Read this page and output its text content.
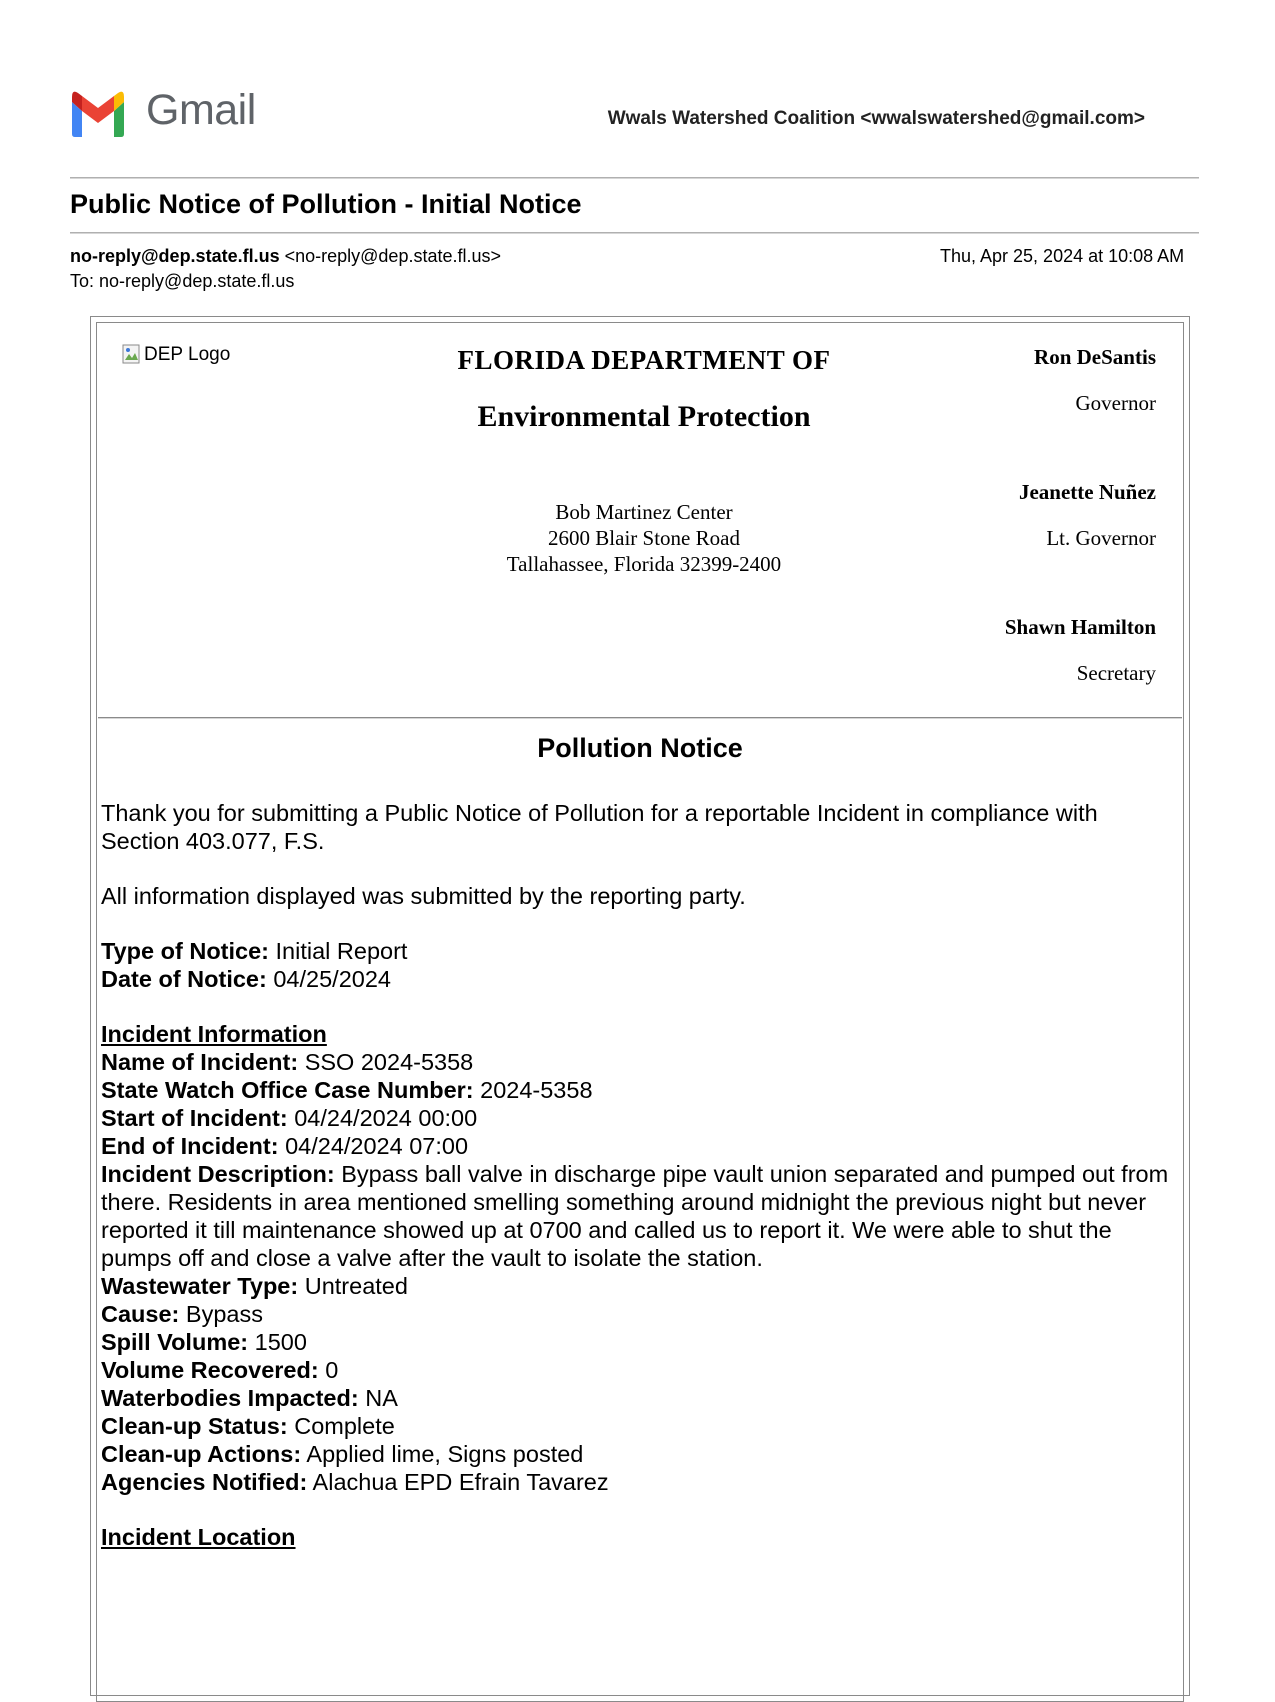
Gmail	Wwals Watershed Coalition <wwalswatershed@gmail.com>
Public Notice of Pollution - Initial Notice
no-reply@dep.state.fl.us <no-reply@dep.state.fl.us>
To: no-reply@dep.state.fl.us
Thu, Apr 25, 2024 at 10:08 AM
DEP Logo	FLORIDA DEPARTMENT OF
Environmental Protection
Bob Martinez Center
2600 Blair Stone Road
Tallahassee, Florida 32399-2400
Ron DeSantis
Governor
Jeanette Nuñez
Lt. Governor
Shawn Hamilton
Secretary
Pollution Notice
Thank you for submitting a Public Notice of Pollution for a reportable Incident in compliance with Section 403.077, F.S.
All information displayed was submitted by the reporting party.
Type of Notice: Initial Report
Date of Notice: 04/25/2024
Incident Information
Name of Incident: SSO 2024-5358
State Watch Office Case Number: 2024-5358
Start of Incident: 04/24/2024 00:00
End of Incident: 04/24/2024 07:00
Incident Description: Bypass ball valve in discharge pipe vault union separated and pumped out from there. Residents in area mentioned smelling something around midnight the previous night but never reported it till maintenance showed up at 0700 and called us to report it. We were able to shut the pumps off and close a valve after the vault to isolate the station.
Wastewater Type: Untreated
Cause: Bypass
Spill Volume: 1500
Volume Recovered: 0
Waterbodies Impacted: NA
Clean-up Status: Complete
Clean-up Actions: Applied lime, Signs posted
Agencies Notified: Alachua EPD Efrain Tavarez
Incident Location
